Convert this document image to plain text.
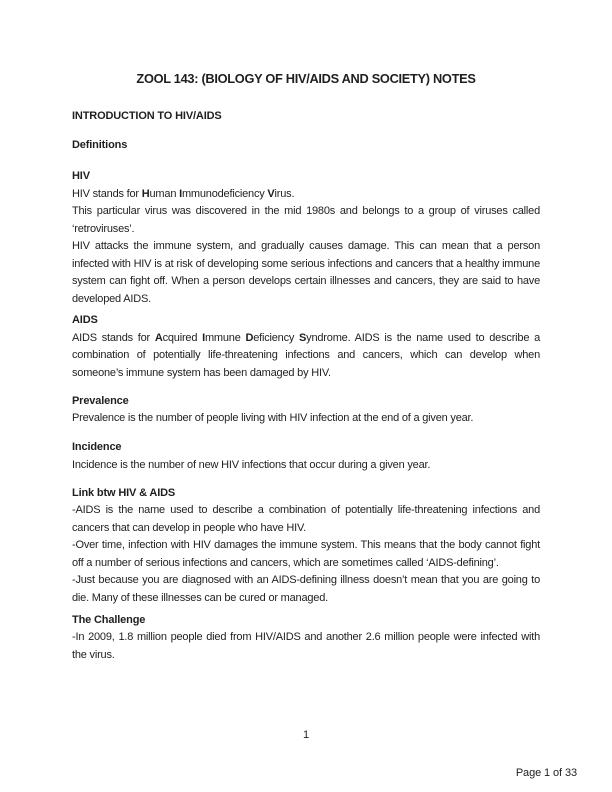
ZOOL 143: (BIOLOGY OF HIV/AIDS AND SOCIETY) NOTES
INTRODUCTION TO HIV/AIDS
Definitions
HIV
HIV stands for Human Immunodeficiency Virus.
This particular virus was discovered in the mid 1980s and belongs to a group of viruses called ‘retroviruses’.
HIV attacks the immune system, and gradually causes damage. This can mean that a person infected with HIV is at risk of developing some serious infections and cancers that a healthy immune system can fight off. When a person develops certain illnesses and cancers, they are said to have developed AIDS.
AIDS
AIDS stands for Acquired Immune Deficiency Syndrome. AIDS is the name used to describe a combination of potentially life-threatening infections and cancers, which can develop when someone’s immune system has been damaged by HIV.
Prevalence
Prevalence is the number of people living with HIV infection at the end of a given year.
Incidence
Incidence is the number of new HIV infections that occur during a given year.
Link btw HIV & AIDS
-AIDS is the name used to describe a combination of potentially life-threatening infections and cancers that can develop in people who have HIV.
-Over time, infection with HIV damages the immune system. This means that the body cannot fight off a number of serious infections and cancers, which are sometimes called ‘AIDS-defining’.
-Just because you are diagnosed with an AIDS-defining illness doesn’t mean that you are going to die. Many of these illnesses can be cured or managed.
The Challenge
-In 2009, 1.8 million people died from HIV/AIDS and another 2.6 million people were infected with the virus.
1
Page 1 of 33
